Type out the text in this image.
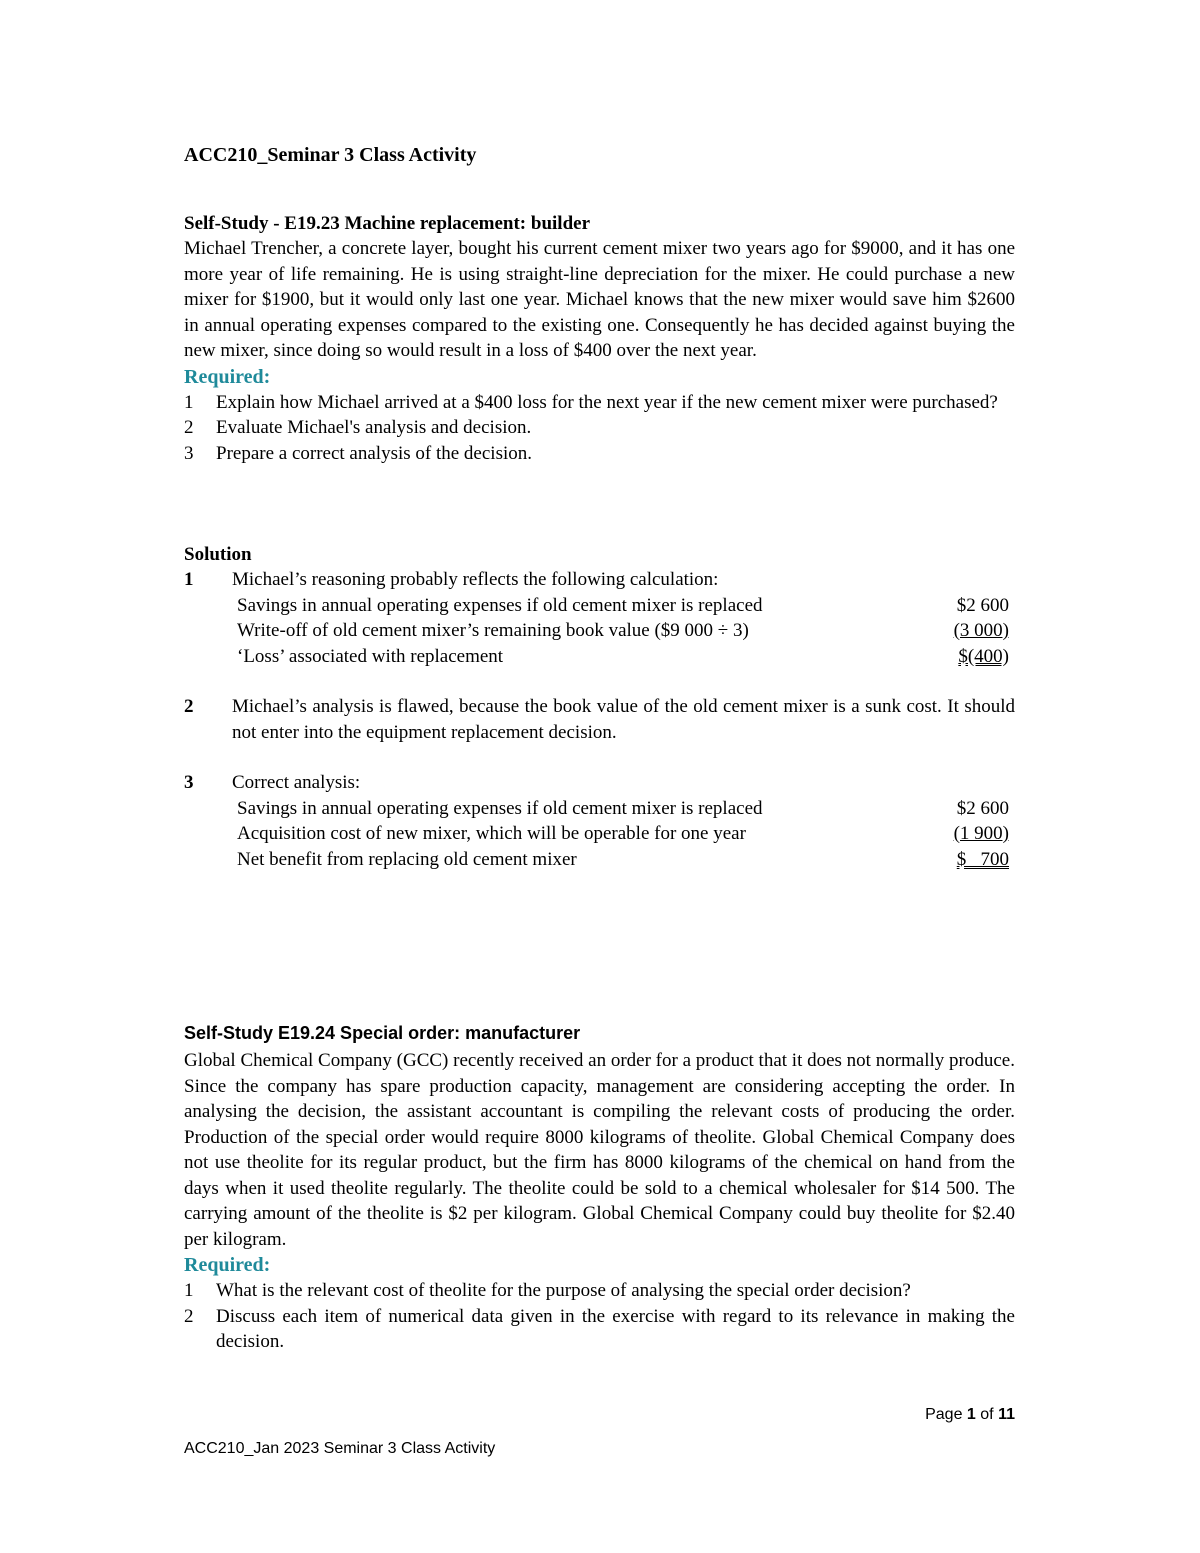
ACC210_Seminar 3 Class Activity
Self-Study - E19.23 Machine replacement: builder
Michael Trencher, a concrete layer, bought his current cement mixer two years ago for $9000, and it has one more year of life remaining. He is using straight-line depreciation for the mixer. He could purchase a new mixer for $1900, but it would only last one year. Michael knows that the new mixer would save him $2600 in annual operating expenses compared to the existing one. Consequently he has decided against buying the new mixer, since doing so would result in a loss of $400 over the next year.
Required:
1	Explain how Michael arrived at a $400 loss for the next year if the new cement mixer were purchased?
2	Evaluate Michael's analysis and decision.
3	Prepare a correct analysis of the decision.
Solution
1	Michael’s reasoning probably reflects the following calculation:
Savings in annual operating expenses if old cement mixer is replaced	$2 600
Write-off of old cement mixer’s remaining book value ($9 000 ÷ 3)	(3 000)
‘Loss’ associated with replacement	$(400)
2	Michael’s analysis is flawed, because the book value of the old cement mixer is a sunk cost. It should not enter into the equipment replacement decision.
3	Correct analysis:
Savings in annual operating expenses if old cement mixer is replaced	$2 600
Acquisition cost of new mixer, which will be operable for one year	(1 900)
Net benefit from replacing old cement mixer	$   700
Self-Study E19.24 Special order: manufacturer
Global Chemical Company (GCC) recently received an order for a product that it does not normally produce. Since the company has spare production capacity, management are considering accepting the order. In analysing the decision, the assistant accountant is compiling the relevant costs of producing the order. Production of the special order would require 8000 kilograms of theolite. Global Chemical Company does not use theolite for its regular product, but the firm has 8000 kilograms of the chemical on hand from the days when it used theolite regularly. The theolite could be sold to a chemical wholesaler for $14 500. The carrying amount of the theolite is $2 per kilogram. Global Chemical Company could buy theolite for $2.40 per kilogram.
Required:
1	What is the relevant cost of theolite for the purpose of analysing the special order decision?
2	Discuss each item of numerical data given in the exercise with regard to its relevance in making the decision.
Page 1 of 11
ACC210_Jan 2023 Seminar 3 Class Activity
